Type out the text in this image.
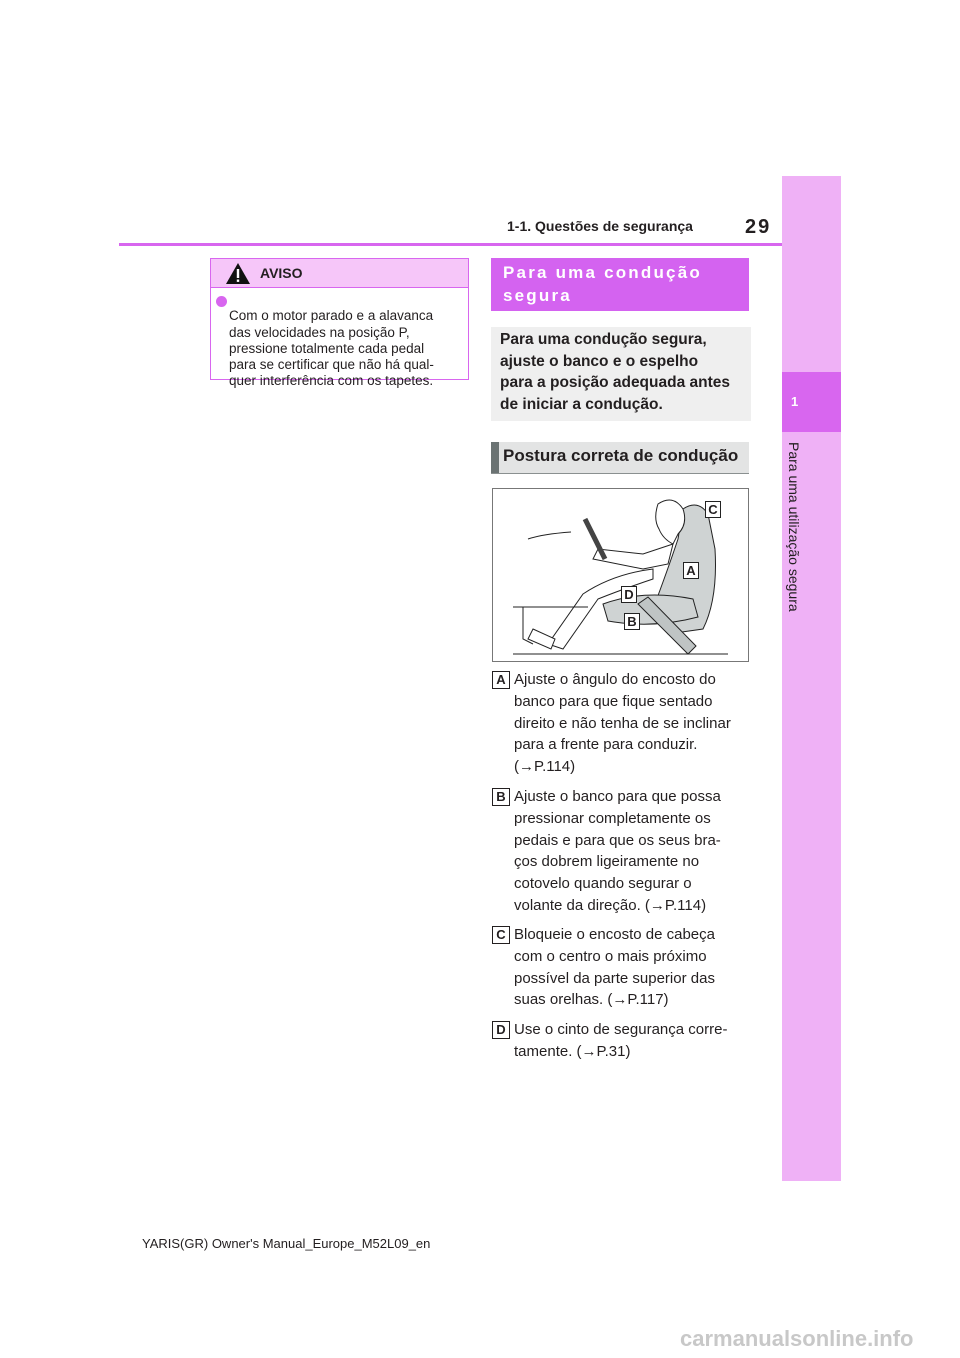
1
Para uma utilização segura
1-1. Questões de segurança	29
AVISO

Com o motor parado e a alavanca
das velocidades na posição P,
pressione totalmente cada pedal
para se certificar que não há qual-
quer interferência com os tapetes.

Para uma condução segura
Para uma condução segura,
ajuste o banco e o espelho
para a posição adequada antes
de iniciar a condução.
Postura correta de condução
C
A
D
B
A Ajuste o ângulo do encosto do
banco para que fique sentado
direito e não tenha de se inclinar
para a frente para conduzir.
(→P.114)
B Ajuste o banco para que possa
pressionar completamente os
pedais e para que os seus bra-
ços dobrem ligeiramente no
cotovelo quando segurar o
volante da direção. (→P.114)
C Bloqueie o encosto de cabeça
com o centro o mais próximo
possível da parte superior das
suas orelhas. (→P.117)
D Use o cinto de segurança corre-
tamente. (→P.31)
YARIS(GR) Owner's Manual_Europe_M52L09_en
carmanualsonline.info
